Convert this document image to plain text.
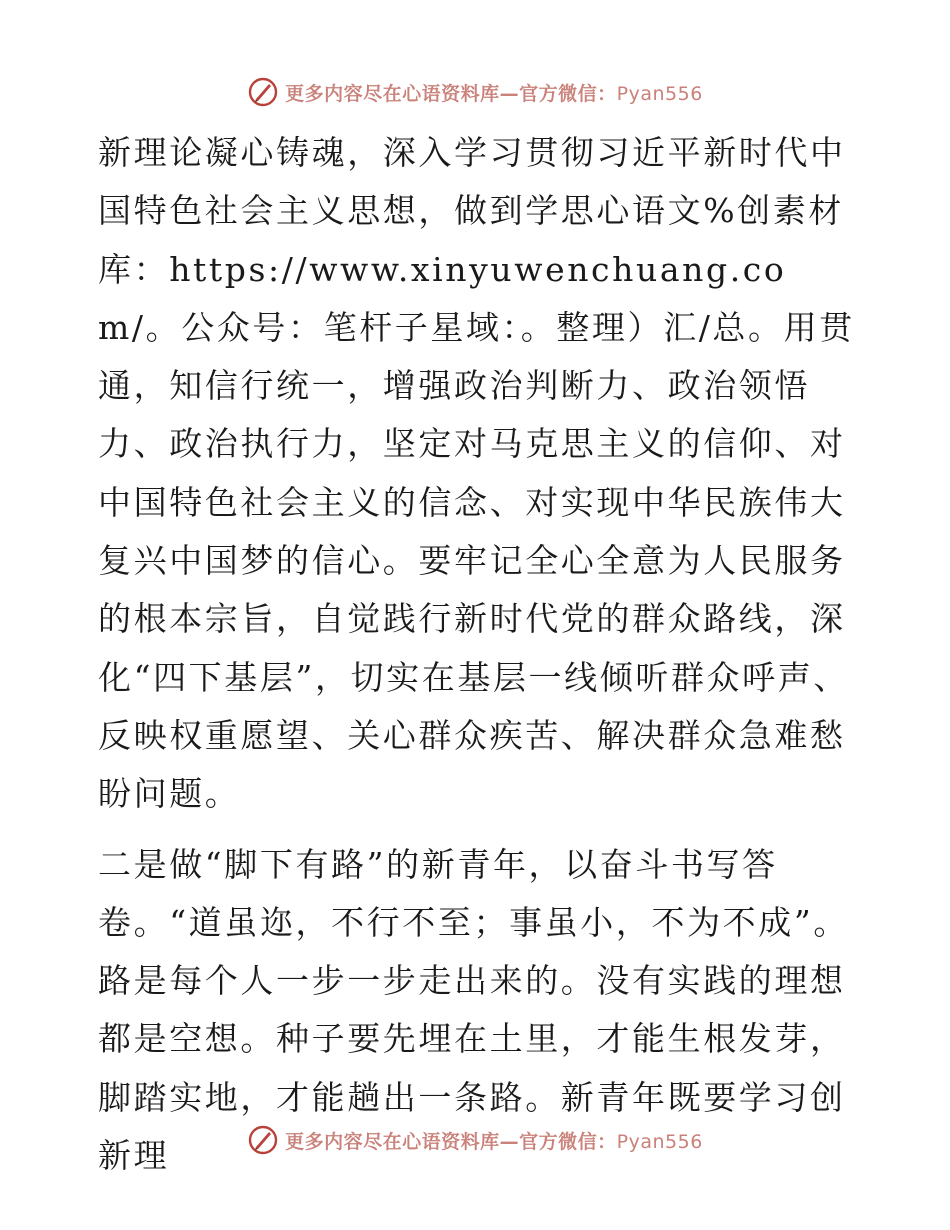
更多内容尽在心语资料库—官方微信：Pyan556

新理论凝心铸魂，深入学习贯彻习近平新时代中国特色社会主义思想，做到学思心语文%创素材库：https://www.xinyuwenchuang.com/。公众号：笔杆子星域：。整理）汇/总。用贯通，知信行统一，增强政治判断力、政治领悟力、政治执行力，坚定对马克思主义的信仰、对中国特色社会主义的信念、对实现中华民族伟大复兴中国梦的信心。要牢记全心全意为人民服务的根本宗旨，自觉践行新时代党的群众路线，深化“四下基层”，切实在基层一线倾听群众呼声、反映权重愿望、关心群众疾苦、解决群众急难愁盼问题。

二是做“脚下有路”的新青年，以奋斗书写答卷。“道虽迩，不行不至；事虽小，不为不成”。路是每个人一步一步走出来的。没有实践的理想都是空想。种子要先埋在土里，才能生根发芽，脚踏实地，才能趟出一条路。新青年既要学习创新理	更多内容尽在心语资料库—官方微信：Pyan556
